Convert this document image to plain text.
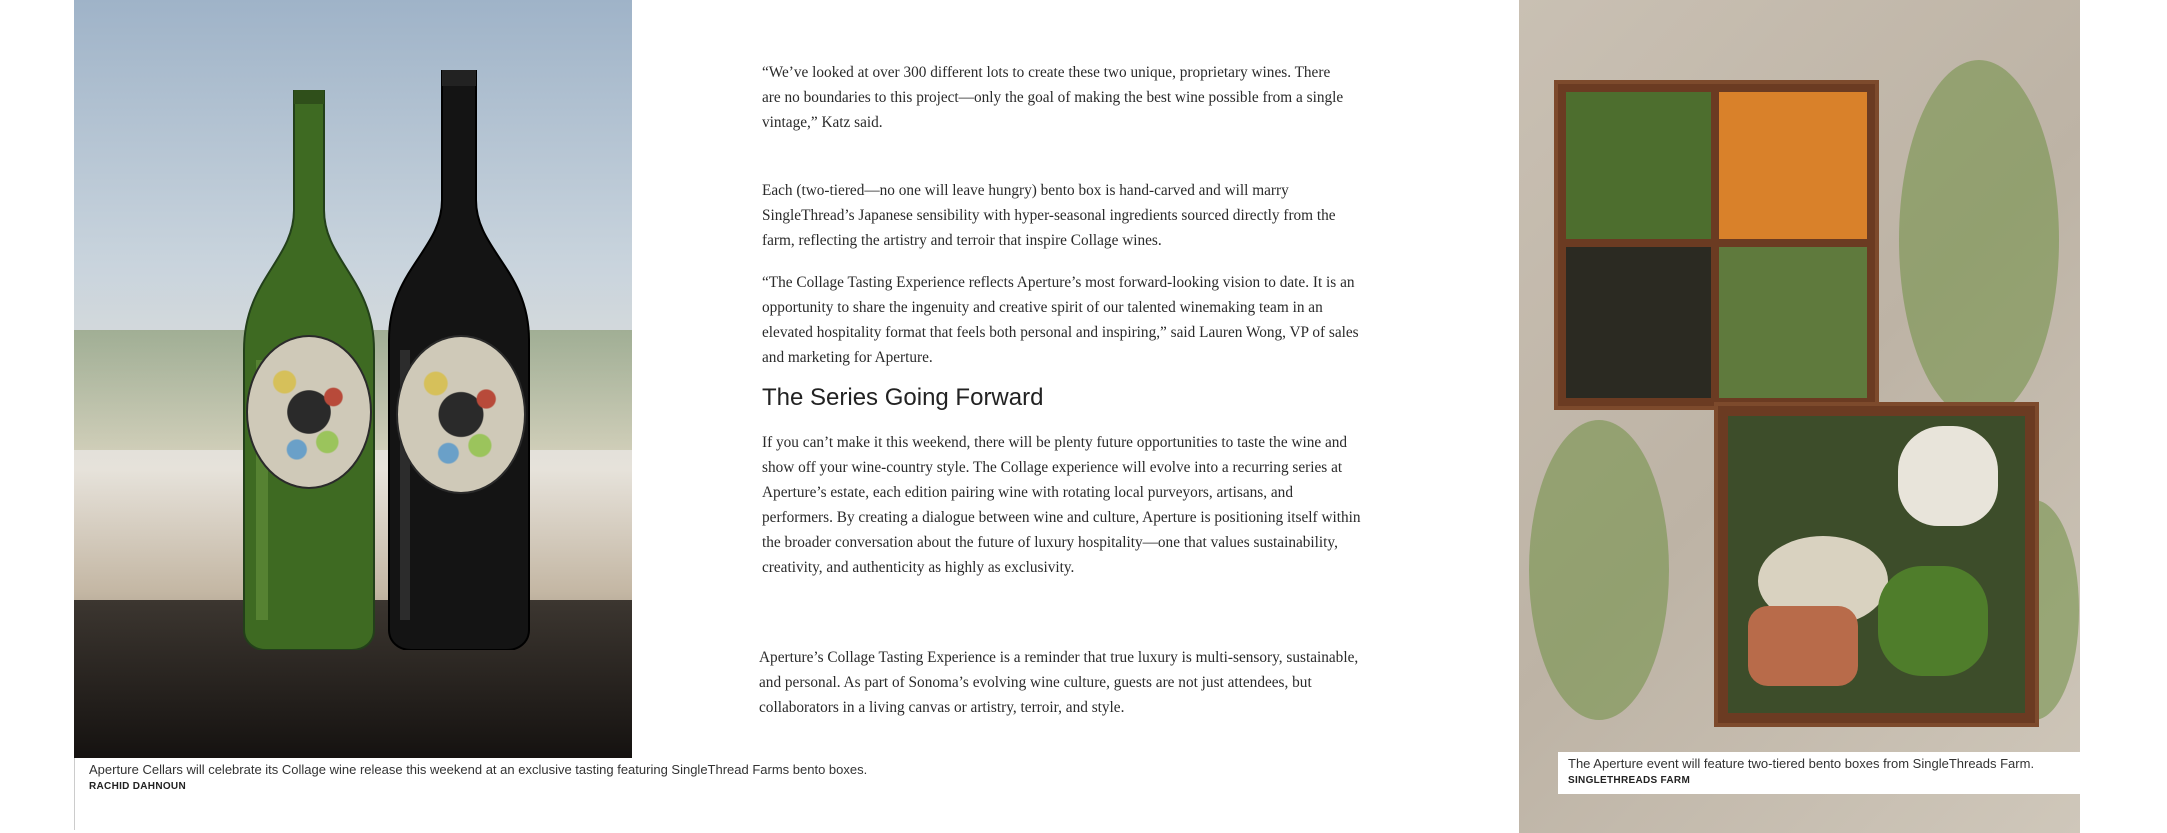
Aperture Cellars will celebrate its Collage wine release this weekend at an exclusive tasting featuring SingleThread Farms bento boxes.
RACHID DAHNOUN

“We’ve looked at over 300 different lots to create these two unique, proprietary wines. There are no boundaries to this project—only the goal of making the best wine possible from a single vintage,” Katz said.

Each (two-tiered—no one will leave hungry) bento box is hand-carved and will marry SingleThread’s Japanese sensibility with hyper-seasonal ingredients sourced directly from the farm, reflecting the artistry and terroir that inspire Collage wines.

“The Collage Tasting Experience reflects Aperture’s most forward-looking vision to date. It is an opportunity to share the ingenuity and creative spirit of our talented winemaking team in an elevated hospitality format that feels both personal and inspiring,” said Lauren Wong, VP of sales and marketing for Aperture.

The Series Going Forward

If you can’t make it this weekend, there will be plenty future opportunities to taste the wine and show off your wine-country style. The Collage experience will evolve into a recurring series at Aperture’s estate, each edition pairing wine with rotating local purveyors, artisans, and performers. By creating a dialogue between wine and culture, Aperture is positioning itself within the broader conversation about the future of luxury hospitality—one that values sustainability, creativity, and authenticity as highly as exclusivity.

Aperture’s Collage Tasting Experience is a reminder that true luxury is multi-sensory, sustainable, and personal. As part of Sonoma’s evolving wine culture, guests are not just attendees, but collaborators in a living canvas or artistry, terroir, and style.

The Aperture event will feature two-tiered bento boxes from SingleThreads Farm.
SINGLETHREADS FARM
